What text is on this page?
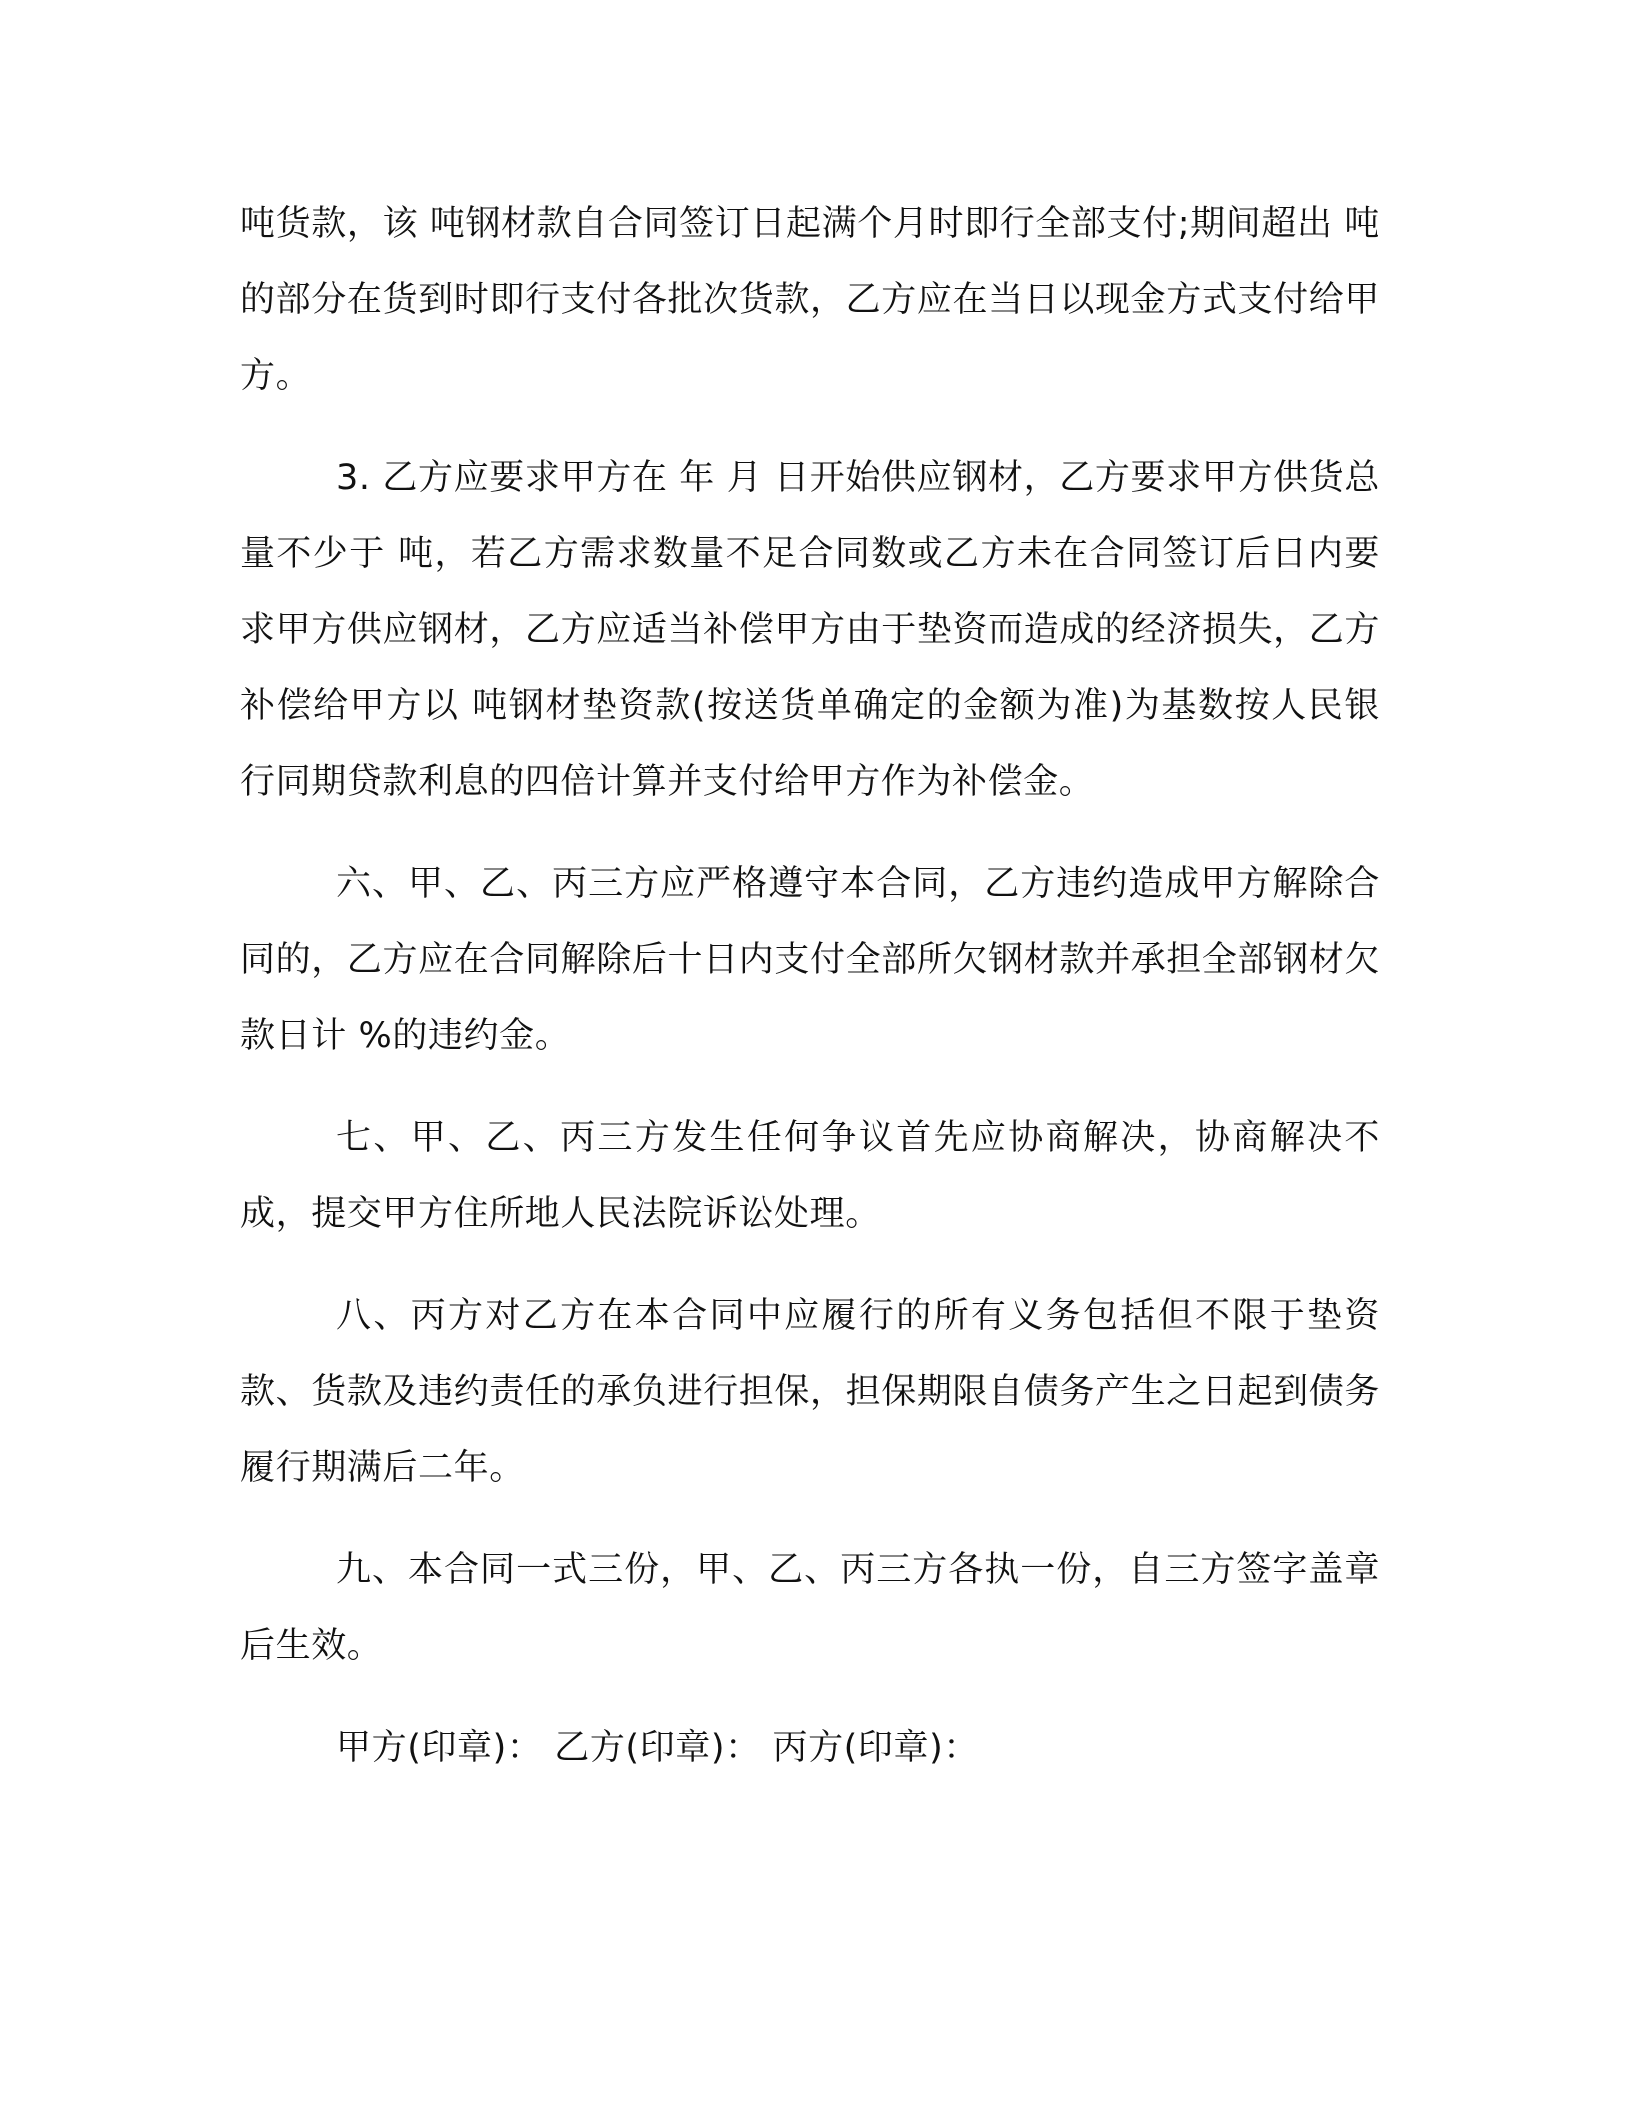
吨货款，该 吨钢材款自合同签订日起满个月时即行全部支付;期间超出 吨的部分在货到时即行支付各批次货款，乙方应在当日以现金方式支付给甲方。

3. 乙方应要求甲方在 年 月 日开始供应钢材，乙方要求甲方供货总量不少于 吨，若乙方需求数量不足合同数或乙方未在合同签订后日内要求甲方供应钢材，乙方应适当补偿甲方由于垫资而造成的经济损失，乙方补偿给甲方以 吨钢材垫资款(按送货单确定的金额为准)为基数按人民银行同期贷款利息的四倍计算并支付给甲方作为补偿金。

六、甲、乙、丙三方应严格遵守本合同，乙方违约造成甲方解除合同的，乙方应在合同解除后十日内支付全部所欠钢材款并承担全部钢材欠款日计 %的违约金。

七、甲、乙、丙三方发生任何争议首先应协商解决，协商解决不成，提交甲方住所地人民法院诉讼处理。

八、丙方对乙方在本合同中应履行的所有义务包括但不限于垫资款、货款及违约责任的承负进行担保，担保期限自债务产生之日起到债务履行期满后二年。

九、本合同一式三份，甲、乙、丙三方各执一份，自三方签字盖章后生效。

甲方(印章)： 乙方(印章)： 丙方(印章)：
